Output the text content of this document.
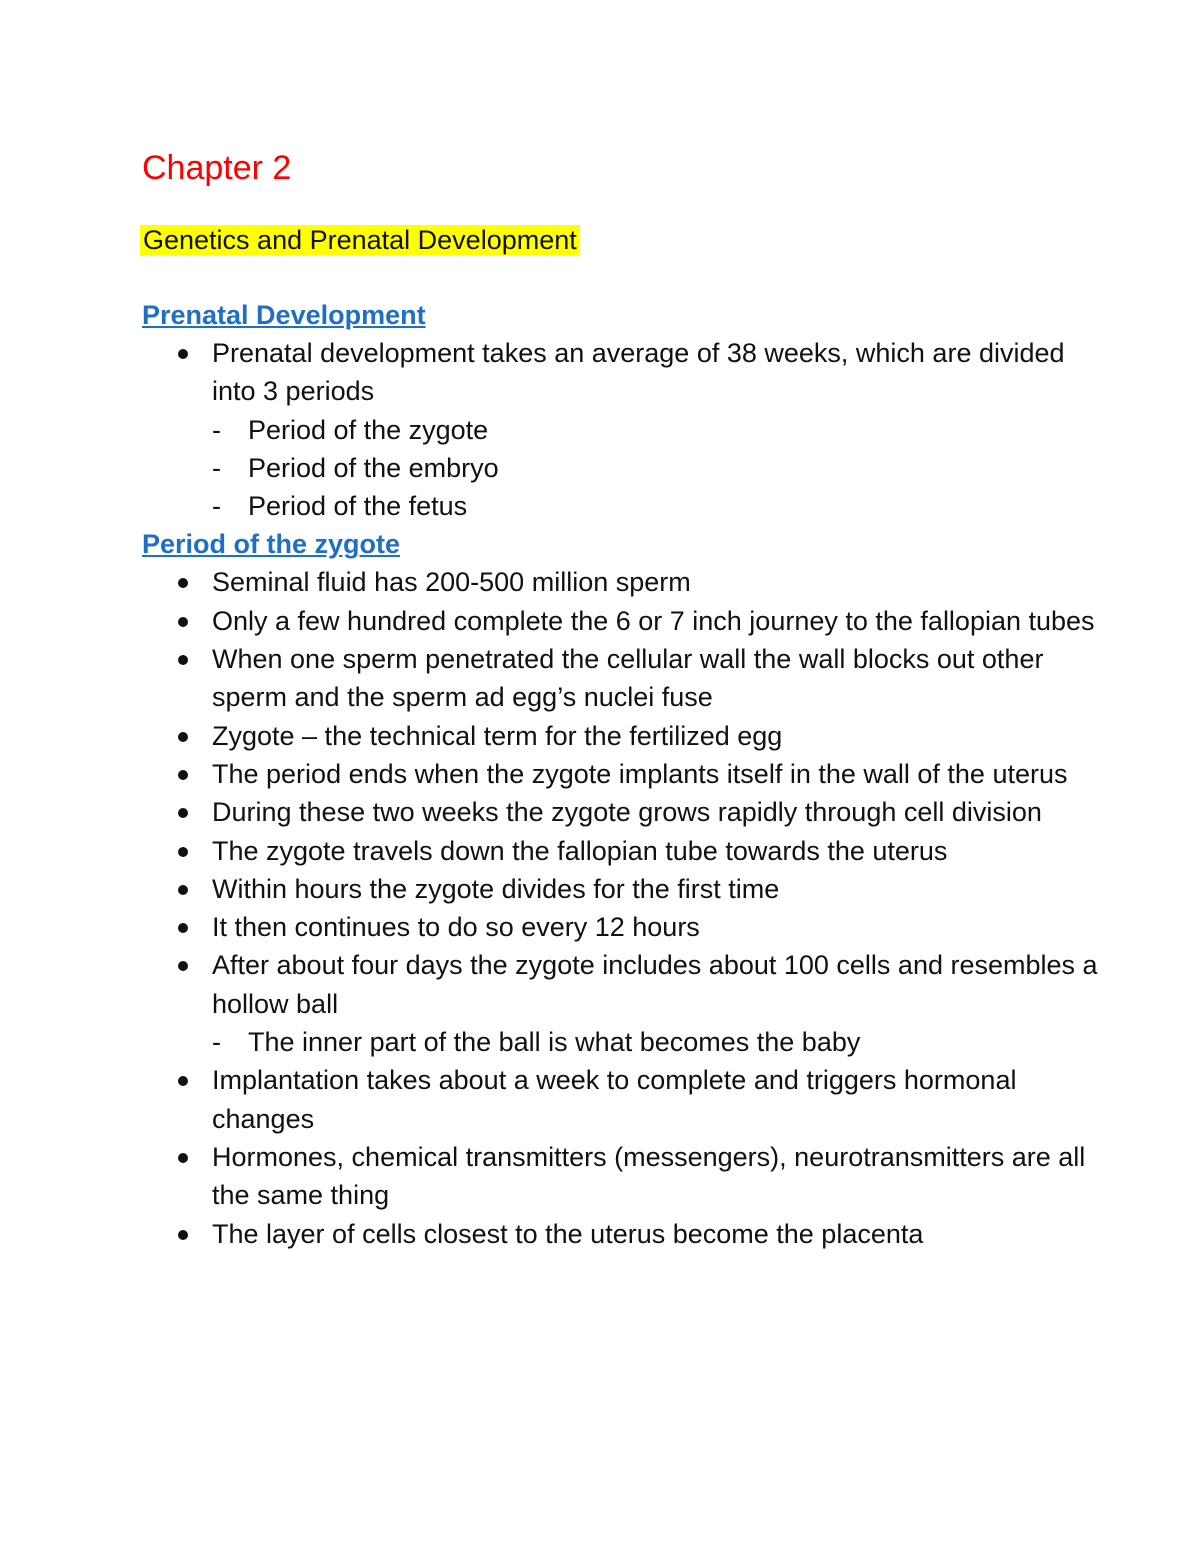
Chapter 2
Genetics and Prenatal Development
Prenatal Development
Prenatal development takes an average of 38 weeks, which are divided into 3 periods
- Period of the zygote
- Period of the embryo
- Period of the fetus
Period of the zygote
Seminal fluid has 200-500 million sperm
Only a few hundred complete the 6 or 7 inch journey to the fallopian tubes
When one sperm penetrated the cellular wall the wall blocks out other sperm and the sperm ad egg’s nuclei fuse
Zygote – the technical term for the fertilized egg
The period ends when the zygote implants itself in the wall of the uterus
During these two weeks the zygote grows rapidly through cell division
The zygote travels down the fallopian tube towards the uterus
Within hours the zygote divides for the first time
It then continues to do so every 12 hours
After about four days the zygote includes about 100 cells and resembles a hollow ball
- The inner part of the ball is what becomes the baby
Implantation takes about a week to complete and triggers hormonal changes
Hormones, chemical transmitters (messengers), neurotransmitters are all the same thing
The layer of cells closest to the uterus become the placenta
